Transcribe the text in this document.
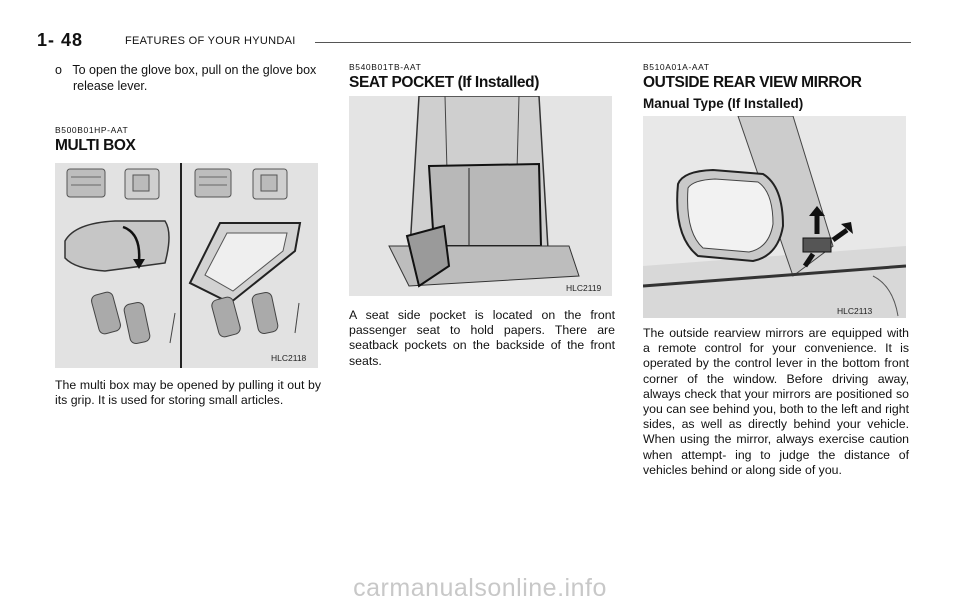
1- 48	FEATURES OF YOUR HYUNDAI

o To open the glove box, pull on the glove box release lever.

B500B01HP-AAT

MULTI BOX

HLC2118

The multi box may be opened by pulling it out by its grip. It is used for storing small articles.

B540B01TB-AAT

SEAT POCKET (If Installed)

HLC2119

A seat side pocket is located on the front passenger seat to hold papers. There are seatback pockets on the backside of the front seats.

B510A01A-AAT

OUTSIDE REAR VIEW MIRROR

Manual Type (If Installed)

HLC2113

The outside rearview mirrors are equipped with a remote control for your convenience. It is operated by the control lever in the bottom front corner of the window. Before driving away, always check that your mirrors are positioned so you can see behind you, both to the left and right sides, as well as directly behind your vehicle. When using the mirror, always exercise caution when attempt- ing to judge the distance of vehicles behind or along side of you.

carmanualsonline.info
